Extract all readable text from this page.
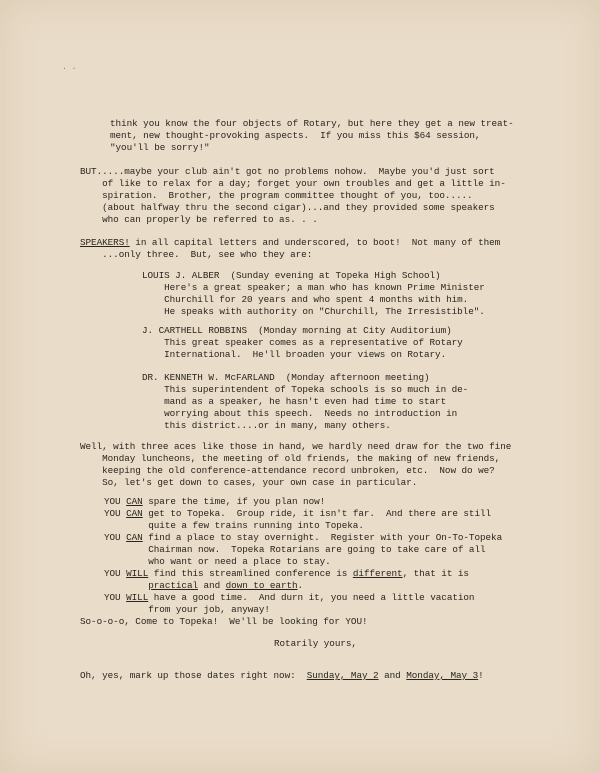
. .
think you know the four objects of Rotary, but here they get a new treat-
ment, new thought-provoking aspects.  If you miss this $64 session,
"you'll be sorry!"
BUT.....maybe your club ain't got no problems nohow.  Maybe you'd just sort
of like to relax for a day; forget your own troubles and get a little in-
spiration.  Brother, the program committee thought of you, too.....
(about halfway thru the second cigar)...and they provided some speakers
who can properly be referred to as. . .
SPEAKERS! in all capital letters and underscored, to boot!  Not many of them
...only three.  But, see who they are:
LOUIS J. ALBER  (Sunday evening at Topeka High School)
Here's a great speaker; a man who has known Prime Minister
Churchill for 20 years and who spent 4 months with him.
He speaks with authority on "Churchill, The Irresistible".
J. CARTHELL ROBBINS  (Monday morning at City Auditorium)
This great speaker comes as a representative of Rotary
International.  He'll broaden your views on Rotary.
DR. KENNETH W. McFARLAND  (Monday afternoon meeting)
This superintendent of Topeka schools is so much in de-
mand as a speaker, he hasn't even had time to start
worrying about this speech.  Needs no introduction in
this district....or in many, many others.
Well, with three aces like those in hand, we hardly need draw for the two fine
Monday luncheons, the meeting of old friends, the making of new friends,
keeping the old conference-attendance record unbroken, etc.  Now do we?
So, let's get down to cases, your own case in particular.
YOU CAN spare the time, if you plan now!
YOU CAN get to Topeka.  Group ride, it isn't far.  And there are still
quite a few trains running into Topeka.
YOU CAN find a place to stay overnight.  Register with your On-To-Topeka
Chairman now.  Topeka Rotarians are going to take care of all
who want or need a place to stay.
YOU WILL find this streamlined conference is different, that it is
practical and down to earth.
YOU WILL have a good time.  And durn it, you need a little vacation
from your job, anyway!
So-o-o-o, Come to Topeka!  We'll be looking for YOU!
Rotarily yours,
Oh, yes, mark up those dates right now:  Sunday, May 2 and Monday, May 3!
